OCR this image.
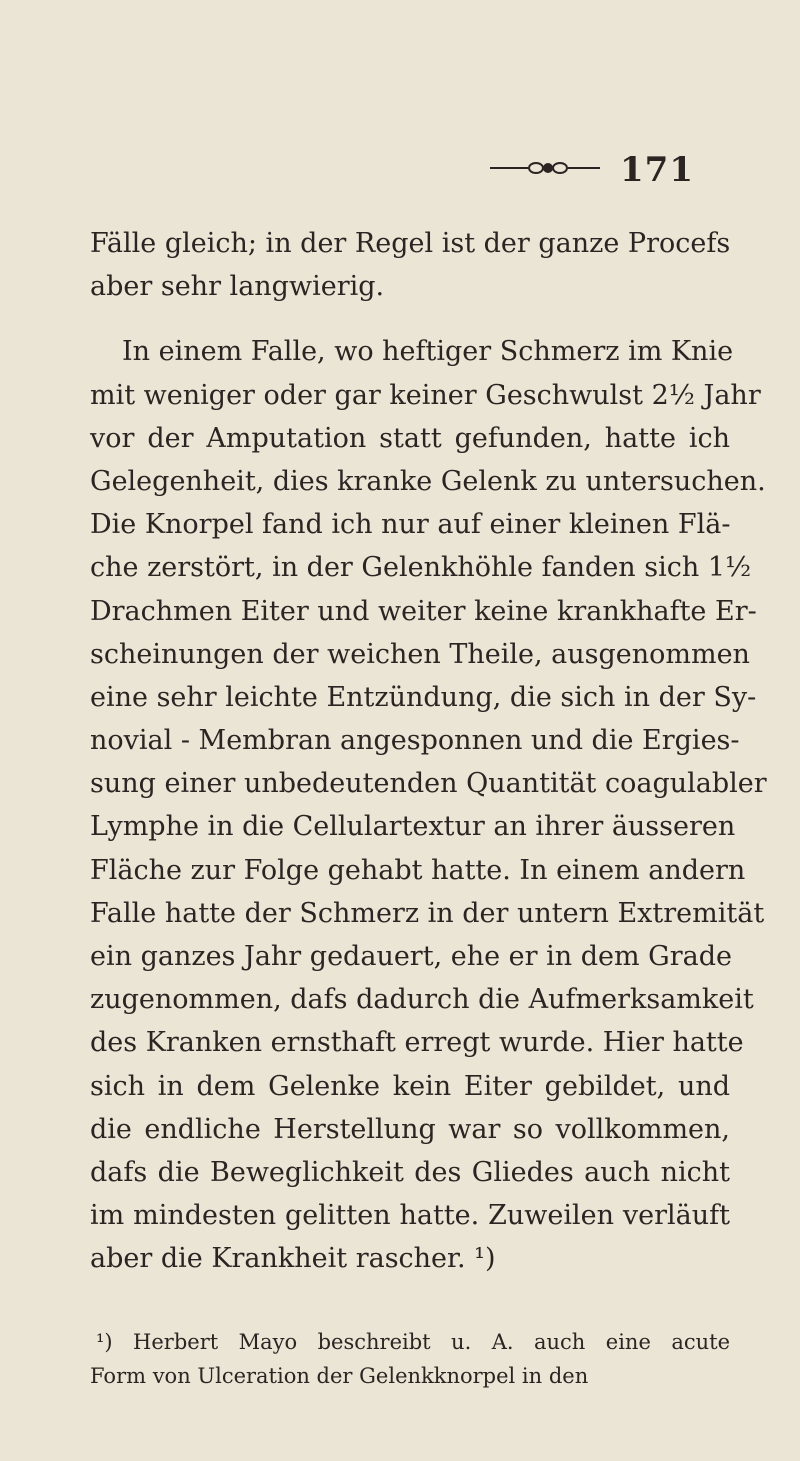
171
Fälle gleich; in der Regel ist der ganze Procefs
aber sehr langwierig.
In einem Falle, wo heftiger Schmerz im Knie
mit weniger oder gar keiner Geschwulst 2½ Jahr
vor der Amputation statt gefunden, hatte ich
Gelegenheit, dies kranke Gelenk zu untersuchen.
Die Knorpel fand ich nur auf einer kleinen Flä-
che zerstört, in der Gelenkhöhle fanden sich 1½
Drachmen Eiter und weiter keine krankhafte Er-
scheinungen der weichen Theile, ausgenommen
eine sehr leichte Entzündung, die sich in der Sy-
novial - Membran angesponnen und die Ergies-
sung einer unbedeutenden Quantität coagulabler
Lymphe in die Cellulartextur an ihrer äusseren
Fläche zur Folge gehabt hatte. In einem andern
Falle hatte der Schmerz in der untern Extremität
ein ganzes Jahr gedauert, ehe er in dem Grade
zugenommen, dafs dadurch die Aufmerksamkeit
des Kranken ernsthaft erregt wurde. Hier hatte
sich in dem Gelenke kein Eiter gebildet, und
die endliche Herstellung war so vollkommen,
dafs die Beweglichkeit des Gliedes auch nicht
im mindesten gelitten hatte. Zuweilen verläuft
aber die Krankheit rascher. ¹)
¹) Herbert Mayo beschreibt u. A. auch eine acute
Form von Ulceration der Gelenkknorpel in den
